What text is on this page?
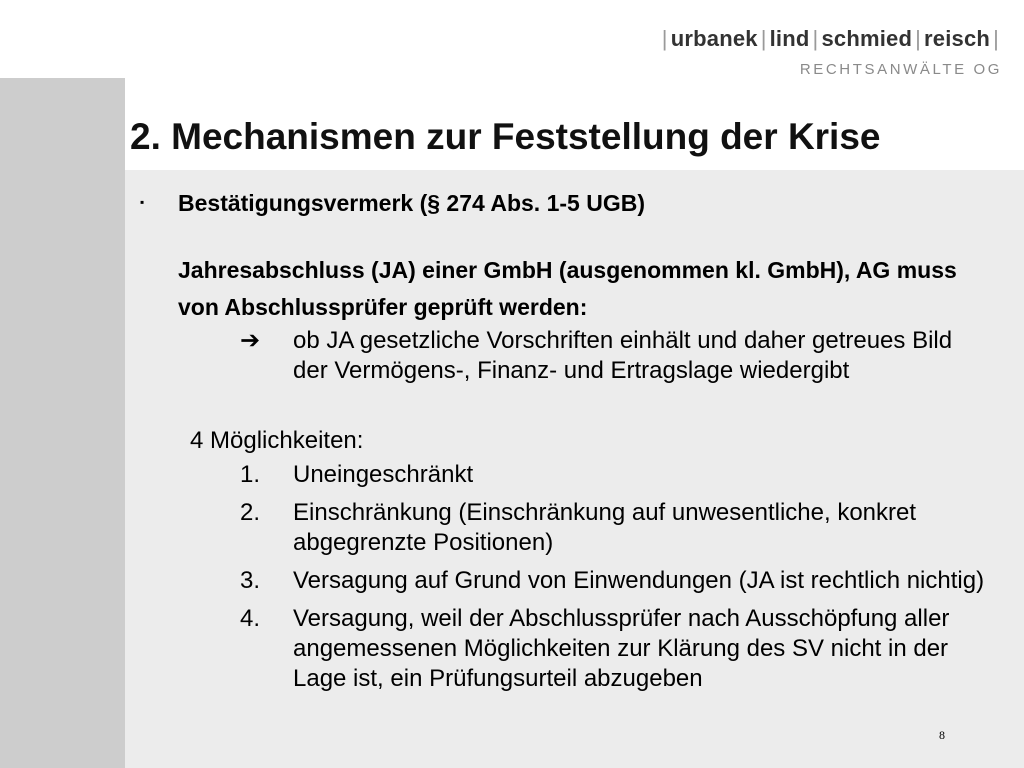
| urbanek | lind | schmied | reisch |
RECHTSANWÄLTE OG
2. Mechanismen zur Feststellung der Krise
▪ Bestätigungsvermerk (§ 274 Abs. 1-5 UGB)
Jahresabschluss (JA) einer GmbH (ausgenommen kl. GmbH), AG muss von Abschlussprüfer geprüft werden:
➔ ob JA gesetzliche Vorschriften einhält und daher getreues Bild der Vermögens-, Finanz- und Ertragslage wiedergibt
4 Möglichkeiten:
1.	Uneingeschränkt
2.	Einschränkung (Einschränkung auf unwesentliche, konkret abgegrenzte Positionen)
3.	Versagung auf Grund von Einwendungen (JA ist rechtlich nichtig)
4.	Versagung, weil der Abschlussprüfer nach Ausschöpfung aller angemessenen Möglichkeiten zur Klärung des SV nicht in der Lage ist, ein Prüfungsurteil abzugeben
8
